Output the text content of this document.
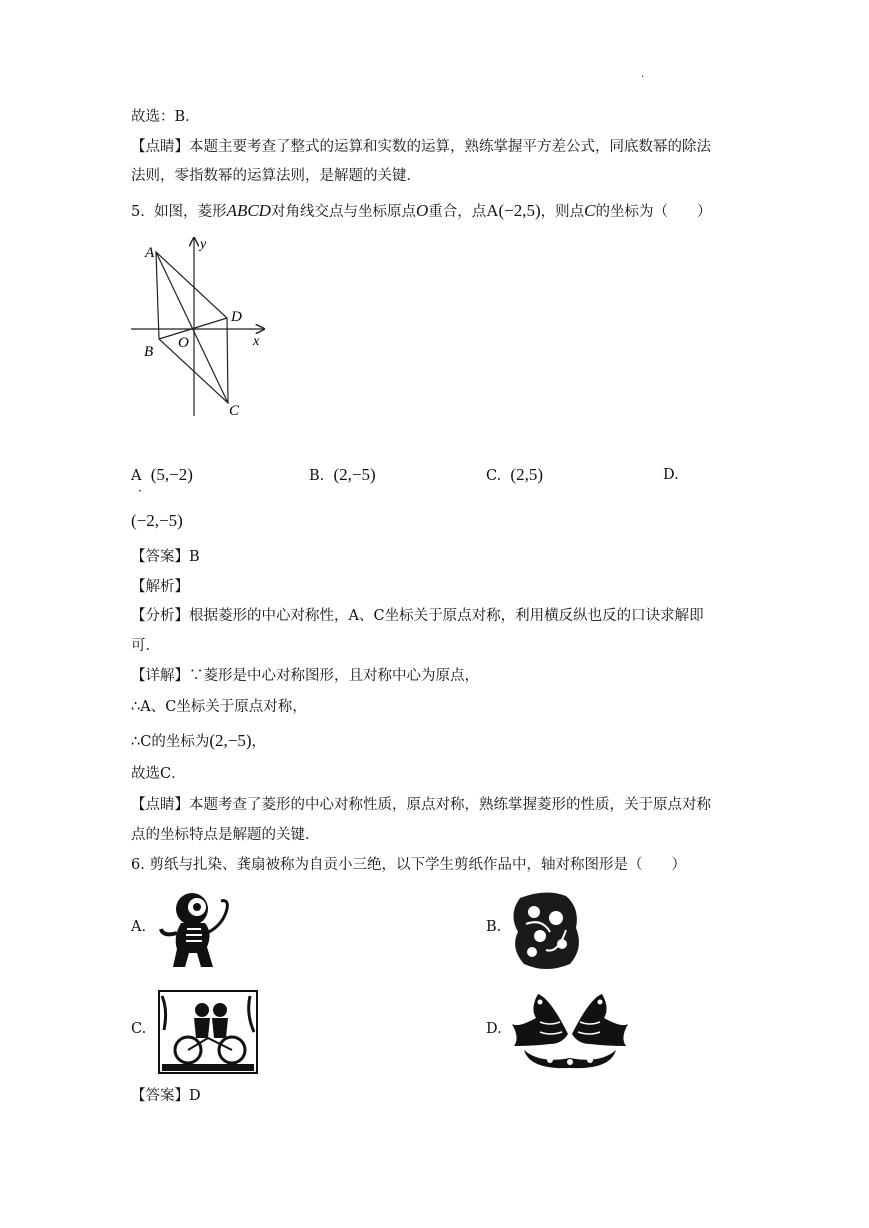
·
故选：B．
【点睛】本题主要考查了整式的运算和实数的运算，熟练掌握平方差公式，同底数幂的除法
法则，零指数幂的运算法则，是解题的关键．
5. 如图，菱形ABCD对角线交点与坐标原点O重合，点A(−2,5)，则点C的坐标为（　　）
A
B
C
D
O	x
y
A (5,−2)
．
B. (2,−5)	C. (2,5)	D.
(−2,−5)
【答案】B
【解析】
【分析】根据菱形的中心对称性，A、C坐标关于原点对称，利用横反纵也反的口诀求解即
可．
【详解】∵菱形是中心对称图形，且对称中心为原点，
∴A、C坐标关于原点对称，
∴C的坐标为(2,−5)，
故选C．
【点睛】本题考查了菱形的中心对称性质，原点对称，熟练掌握菱形的性质，关于原点对称
点的坐标特点是解题的关键．
6. 剪纸与扎染、龚扇被称为自贡小三绝，以下学生剪纸作品中，轴对称图形是（　　）
A.	B.
C.	D.
【答案】D
